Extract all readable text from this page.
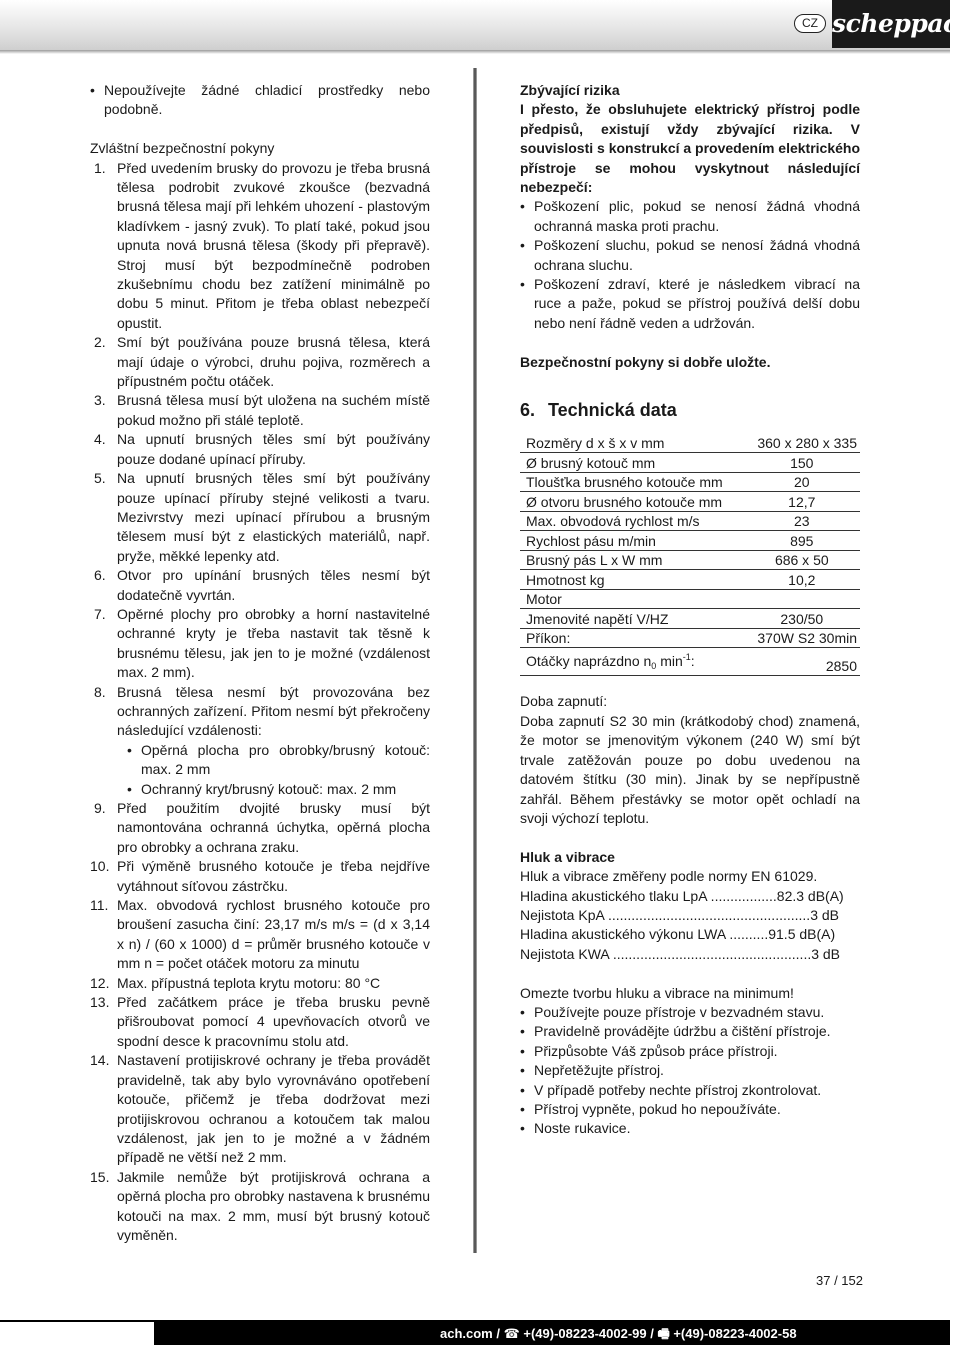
CZ scheppach
• Nepoužívejte žádné chladicí prostředky nebo podobně.

Zvláštní bezpečnostní pokyny

1. Před uvedením brusky do provozu je třeba brusná tělesa podrobit zvukové zkoušce (bezvadná brusná tělesa mají při lehkém uhození - plastovým kladívkem - jasný zvuk). To platí také, pokud jsou upnuta nová brusná tělesa (škody při přepravě). Stroj musí být bezpodmínečně podroben zkušebnímu chodu bez zatížení minimálně po dobu 5 minut. Přitom je třeba oblast nebezpečí opustit.
2. Smí být používána pouze brusná tělesa, která mají údaje o výrobci, druhu pojiva, rozměrech a přípustném počtu otáček.
3. Brusná tělesa musí být uložena na suchém místě pokud možno při stálé teplotě.
4. Na upnutí brusných těles smí být používány pouze dodané upínací příruby.
5. Na upnutí brusných těles smí být používány pouze upínací příruby stejné velikosti a tvaru. Mezivrstvy mezi upínací přírubou a brusným tělesem musí být z elastických materiálů, např. pryže, měkké lepenky atd.
6. Otvor pro upínání brusných těles nesmí být dodatečně vyvrtán.
7. Opěrné plochy pro obrobky a horní nastavitelné ochranné kryty je třeba nastavit tak těsně k brusnému tělesu, jak jen to je možné (vzdálenost max. 2 mm).
8. Brusná tělesa nesmí být provozována bez ochranných zařízení. Přitom nesmí být překročeny následující vzdálenosti:
• Opěrná plocha pro obrobky/brusný kotouč: max. 2 mm
• Ochranný kryt/brusný kotouč: max. 2 mm
9. Před použitím dvojité brusky musí být namontována ochranná úchytka, opěrná plocha pro obrobky a ochrana zraku.
10. Při výměně brusného kotouče je třeba nejdříve vytáhnout síťovou zástrčku.
11. Max. obvodová rychlost brusného kotouče pro broušení zasucha činí: 23,17 m/s m/s = (d x 3,14 x n) / (60 x 1000) d = průměr brusného kotouče v mm n = počet otáček motoru za minutu
12. Max. přípustná teplota krytu motoru: 80 °C
13. Před začátkem práce je třeba brusku pevně přišroubovat pomocí 4 upevňovacích otvorů ve spodní desce k pracovnímu stolu atd.
14. Nastavení protijiskrové ochrany je třeba provádět pravidelně, tak aby bylo vyrovnáváno opotřebení kotouče, přičemž je třeba dodržovat mezi protijiskrovou ochranou a kotoučem tak malou vzdálenost, jak jen to je možné a v žádném případě ne větší než 2 mm.
15. Jakmile nemůže být protijiskrová ochrana a opěrná plocha pro obrobky nastavena k brusnému kotouči na max. 2 mm, musí být brusný kotouč vyměněn.

Zbývající rizika

I přesto, že obsluhujete elektrický přístroj podle předpisů, existují vždy zbývající rizika. V souvislosti s konstrukcí a provedením elektrického přístroje se mohou vyskytnout následující nebezpečí:

• Poškození plic, pokud se nenosí žádná vhodná ochranná maska proti prachu.
• Poškození sluchu, pokud se nenosí žádná vhodná ochrana sluchu.
• Poškození zdraví, které je následkem vibrací na ruce a paže, pokud se přístroj používá delší dobu nebo není řádně veden a udržován.

Bezpečnostní pokyny si dobře uložte.

6. Technická data
Rozměry d x š x v mm	360 x 280 x 335
Ø brusný kotouč mm	150
Tloušťka brusného kotouče mm	20
Ø otvoru brusného kotouče mm	12,7
Max. obvodová rychlost m/s	23
Rychlost pásu m/min	895
Brusný pás L x W mm	686 x 50
Hmotnost kg	10,2
Motor	
Jmenovité napětí V/HZ	230/50
Příkon:	370W S2 30min
Otáčky naprázdno $n_0$ $\min^{-1}$:	2850

Doba zapnutí:

Doba zapnutí S2 30 min (krátkodobý chod) znamená, že motor se jmenovitým výkonem (240 W) smí být trvale zatěžován pouze po dobu uvedenou na datovém štítku (30 min). Jinak by se nepřípustně zahřál. Během přestávky se motor opět ochladí na svoji výchozí teplotu.

Hluk a vibrace

Hluk a vibrace změřeny podle normy EN 61029.

Hladina akustického tlaku LpA .................82.3 dB(A)

Nejistota KpA ....................................................3 dB

Hladina akustického výkonu LWA ..........91.5 dB(A)

Nejistota KWA ...................................................3 dB

Omezte tvorbu hluku a vibrace na minimum!

• Používejte pouze přístroje v bezvadném stavu.
• Pravidelně provádějte údržbu a čištění přístroje.
• Přizpůsobte Váš způsob práce přístroji.
• Nepřetěžujte přístroj.
• V případě potřeby nechte přístroj zkontrolovat.
• Přístroj vypněte, pokud ho nepoužíváte.
• Noste rukavice.
37 / 152
ach.com / ☎ +(49)-08223-4002-99 / 🖷 +(49)-08223-4002-58
